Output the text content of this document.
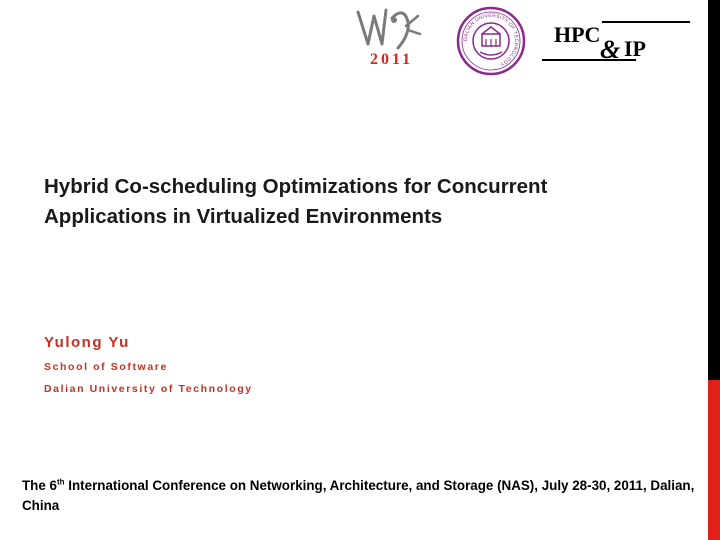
2011
DALIAN UNIVERSITY OF TECHNOLOGY
HPC
& IP
Hybrid Co-scheduling Optimizations for Concurrent
Applications in Virtualized Environments
Yulong Yu
School of Software
Dalian University of Technology
The 6th International Conference on Networking, Architecture, and Storage (NAS), July 28-30, 2011, Dalian, China
